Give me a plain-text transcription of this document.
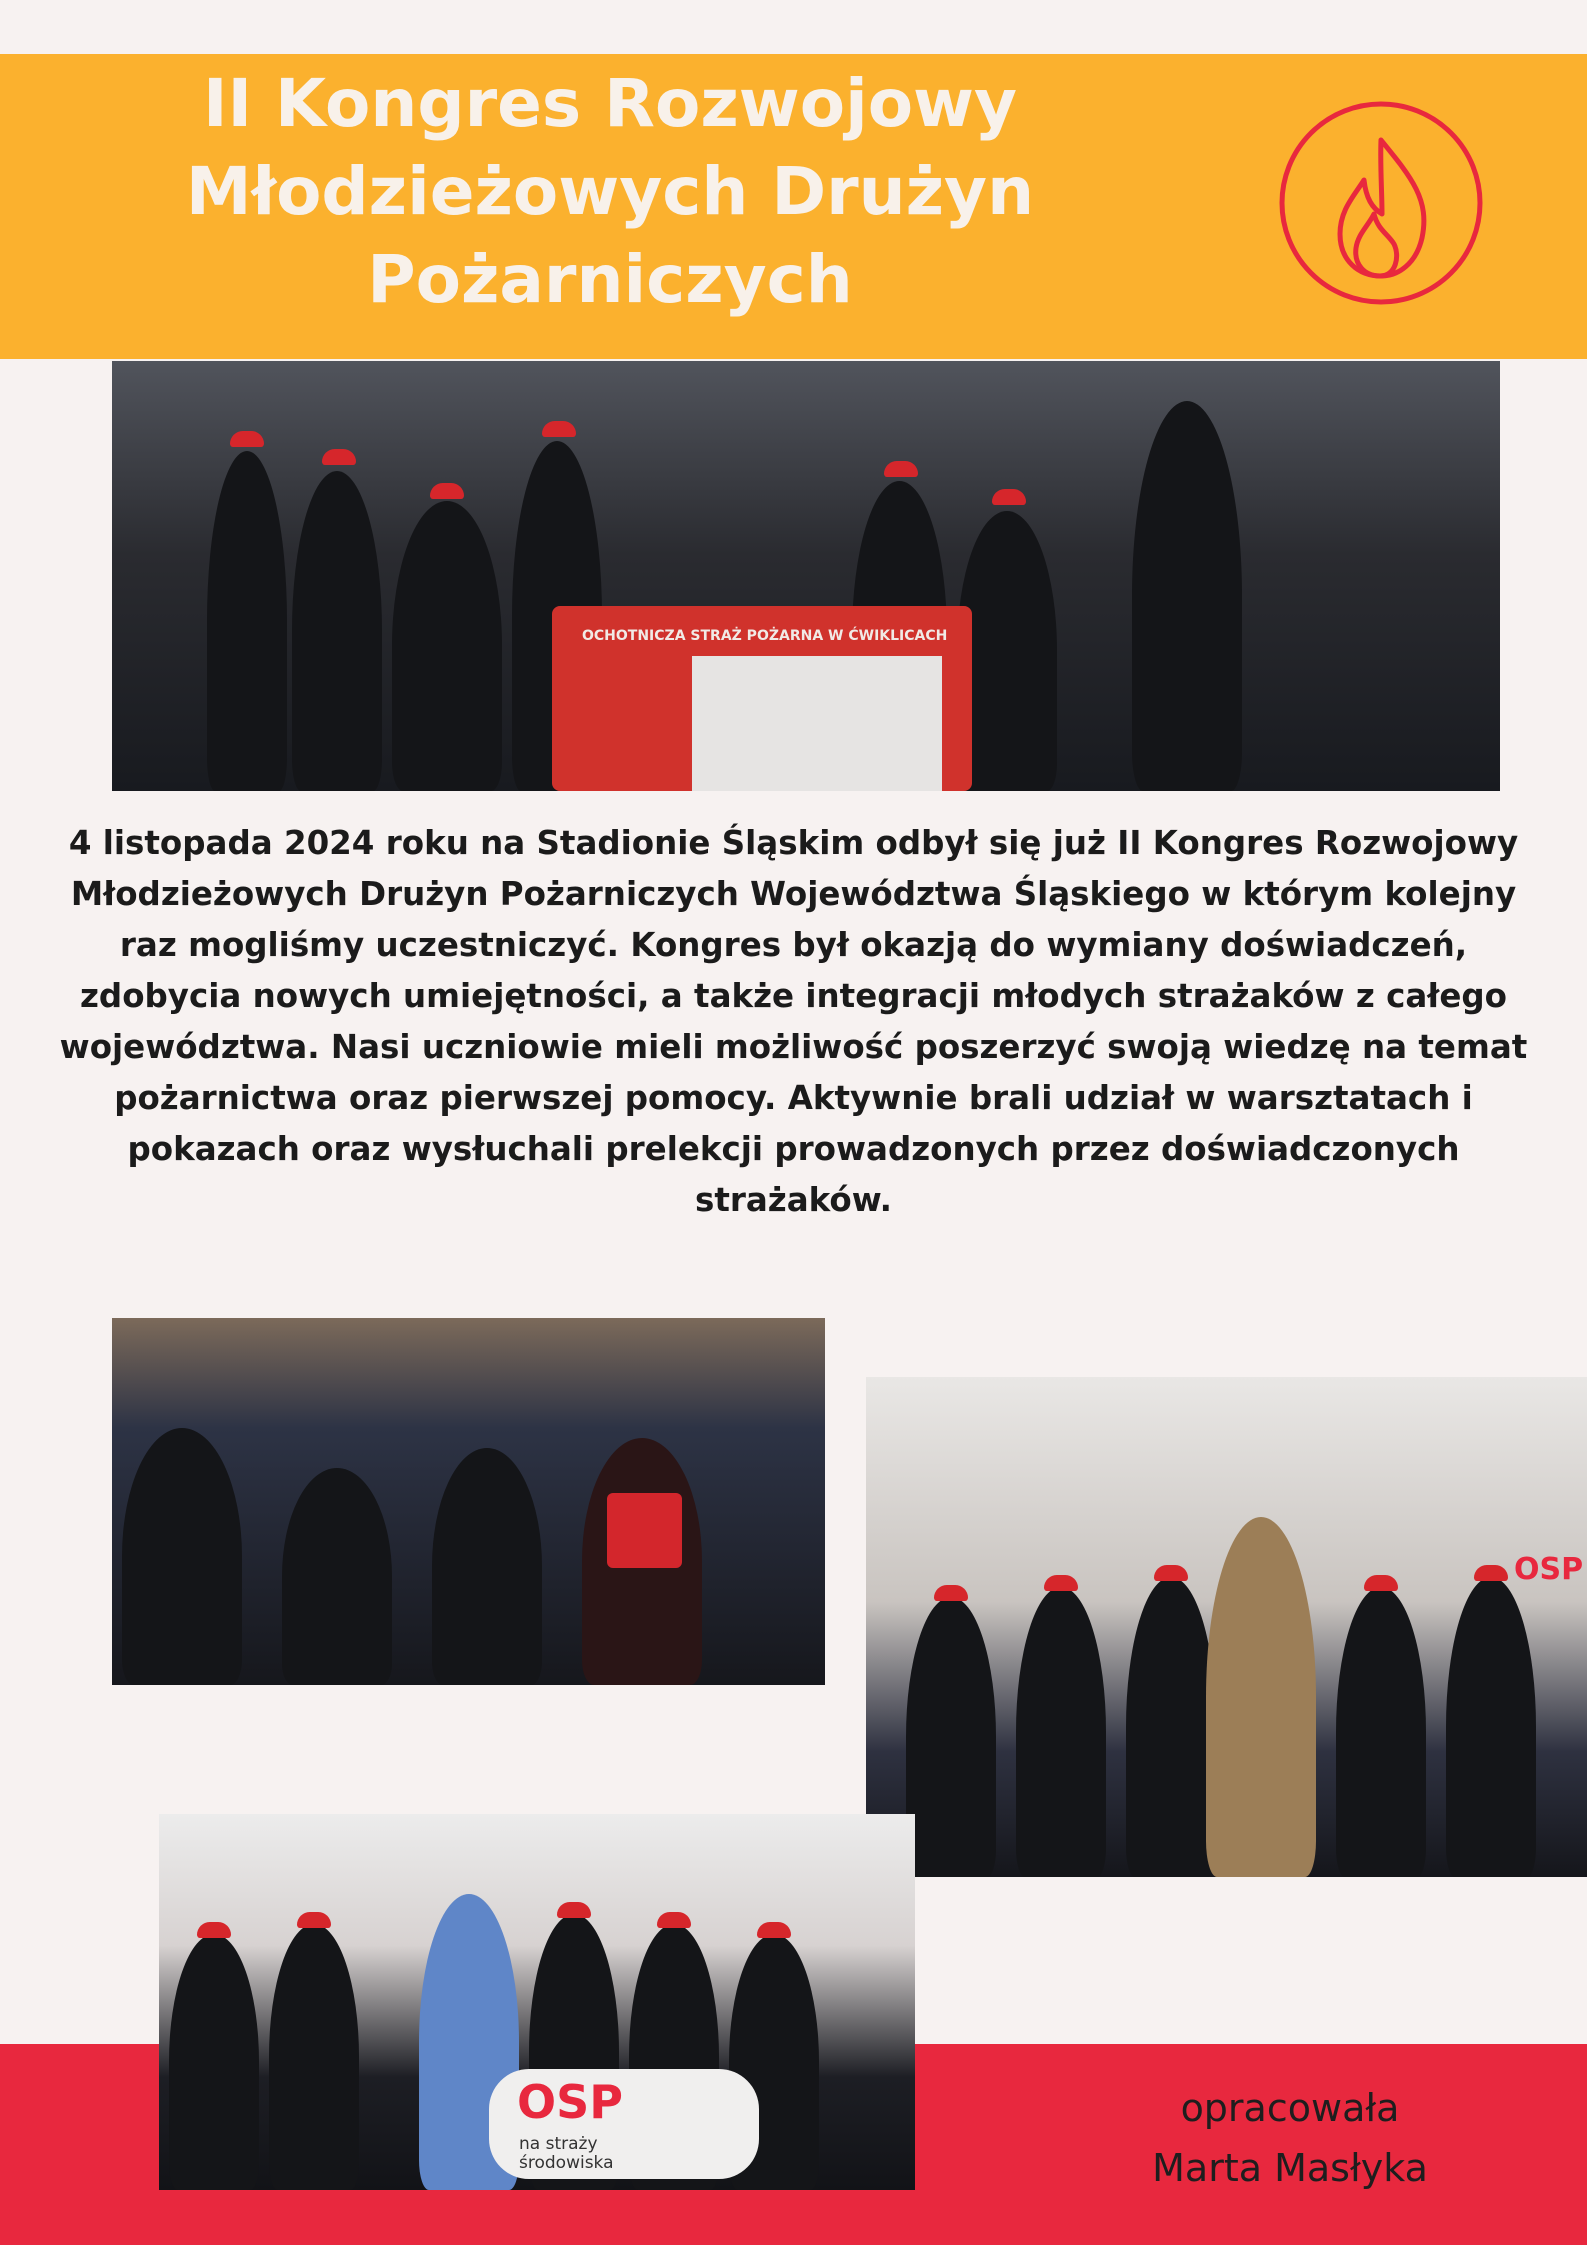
II Kongres Rozwojowy
Młodzieżowych Drużyn
Pożarniczych
OCHOTNICZA STRAŻ POŻARNA W ĆWIKLICACH

4 listopada 2024 roku na Stadionie Śląskim odbył się już II Kongres Rozwojowy
Młodzieżowych Drużyn Pożarniczych Województwa Śląskiego w którym kolejny
raz mogliśmy uczestniczyć. Kongres był okazją do wymiany doświadczeń,
zdobycia nowych umiejętności, a także integracji młodych strażaków z całego
województwa. Nasi uczniowie mieli możliwość poszerzyć swoją wiedzę na temat
pożarnictwa oraz pierwszej pomocy. Aktywnie brali udział w warsztatach i
pokazach oraz wysłuchali prelekcji prowadzonych przez doświadczonych
strażaków.

OSP
OSP
na straży środowiska
opracowała
Marta Masłyka
